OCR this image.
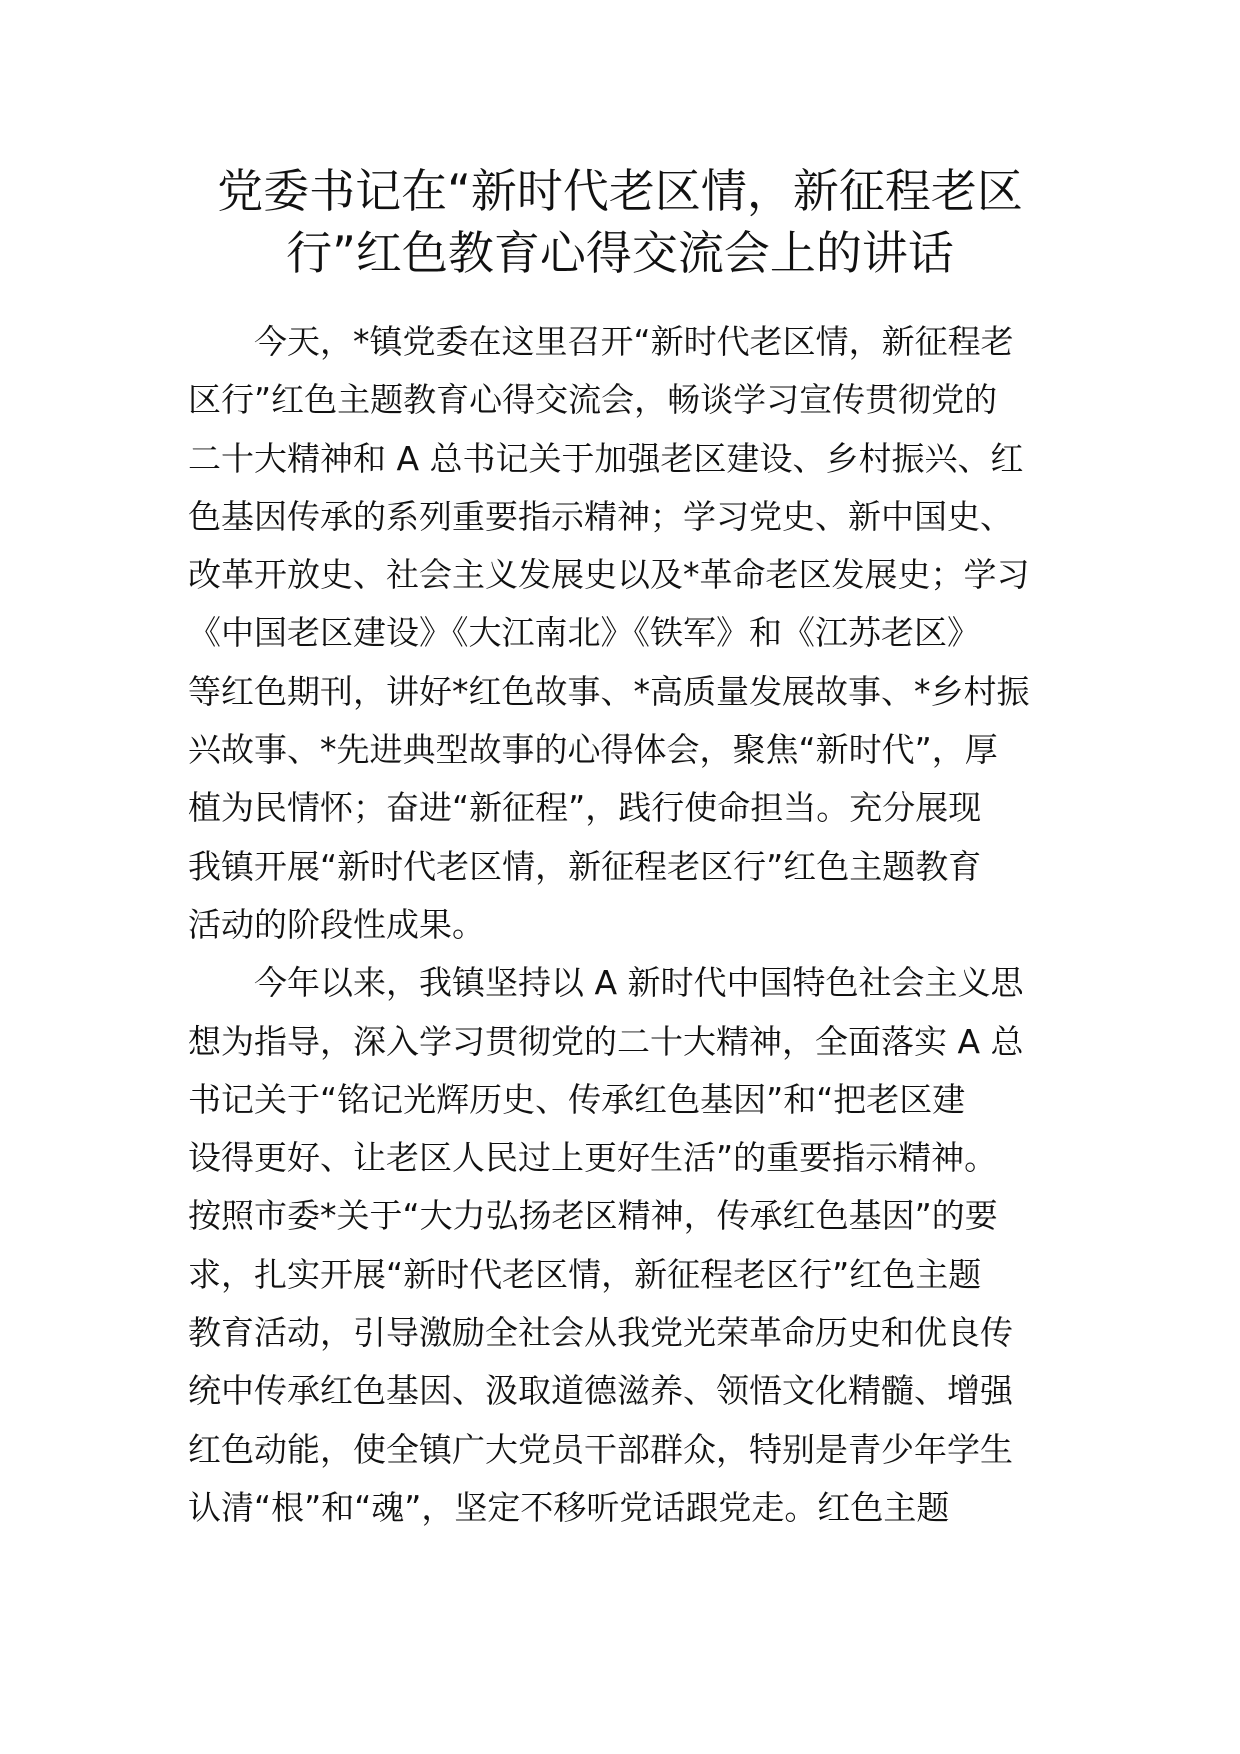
党委书记在“新时代老区情，新征程老区
行”红色教育心得交流会上的讲话

今天，*镇党委在这里召开“新时代老区情，新征程老
区行”红色主题教育心得交流会，畅谈学习宣传贯彻党的
二十大精神和 A 总书记关于加强老区建设、乡村振兴、红
色基因传承的系列重要指示精神；学习党史、新中国史、
改革开放史、社会主义发展史以及*革命老区发展史；学习
《中国老区建设》《大江南北》《铁军》和《江苏老区》
等红色期刊，讲好*红色故事、*高质量发展故事、*乡村振
兴故事、*先进典型故事的心得体会，聚焦“新时代”，厚
植为民情怀；奋进“新征程”，践行使命担当。充分展现
我镇开展“新时代老区情，新征程老区行”红色主题教育
活动的阶段性成果。

今年以来，我镇坚持以 A 新时代中国特色社会主义思
想为指导，深入学习贯彻党的二十大精神，全面落实 A 总
书记关于“铭记光辉历史、传承红色基因”和“把老区建
设得更好、让老区人民过上更好生活”的重要指示精神。
按照市委*关于“大力弘扬老区精神，传承红色基因”的要
求，扎实开展“新时代老区情，新征程老区行”红色主题
教育活动，引导激励全社会从我党光荣革命历史和优良传
统中传承红色基因、汲取道德滋养、领悟文化精髓、增强
红色动能，使全镇广大党员干部群众，特别是青少年学生
认清“根”和“魂”，坚定不移听党话跟党走。红色主题
